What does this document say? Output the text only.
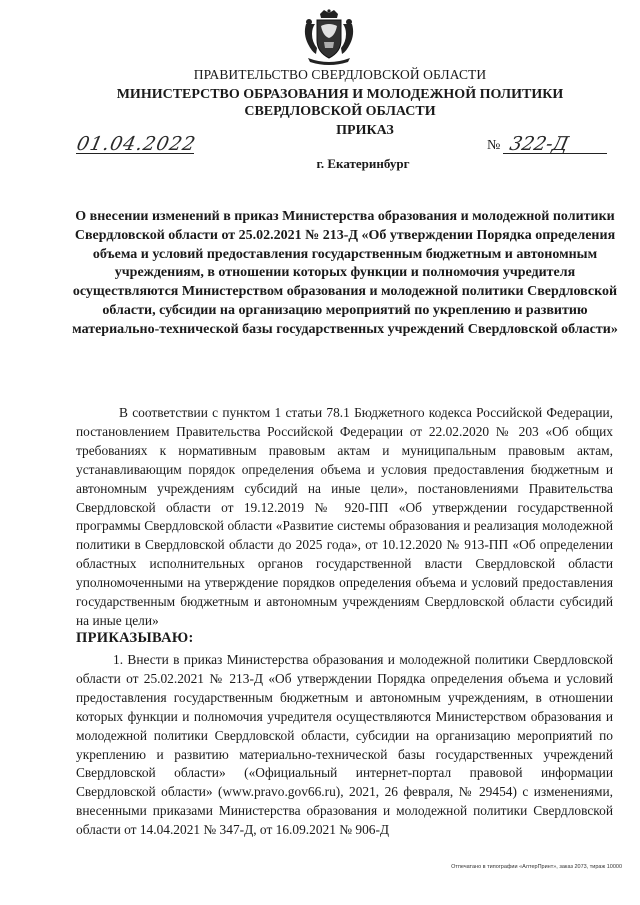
ПРАВИТЕЛЬСТВО СВЕРДЛОВСКОЙ ОБЛАСТИ
МИНИСТЕРСТВО ОБРАЗОВАНИЯ И МОЛОДЕЖНОЙ ПОЛИТИКИ
СВЕРДЛОВСКОЙ ОБЛАСТИ
ПРИКАЗ
01.04.2022	№ 322-Д
г. Екатеринбург
О внесении изменений в приказ Министерства образования и молодежной политики Свердловской области от 25.02.2021 № 213-Д «Об утверждении Порядка определения объема и условий предоставления государственным бюджетным и автономным учреждениям, в отношении которых функции и полномочия учредителя осуществляются Министерством образования и молодежной политики Свердловской области, субсидии на организацию мероприятий по укреплению и развитию материально-технической базы государственных учреждений Свердловской области»
В соответствии с пунктом 1 статьи 78.1 Бюджетного кодекса Российской Федерации, постановлением Правительства Российской Федерации от 22.02.2020 № 203 «Об общих требованиях к нормативным правовым актам и муниципальным правовым актам, устанавливающим порядок определения объема и условия предоставления бюджетным и автономным учреждениям субсидий на иные цели», постановлениями Правительства Свердловской области от 19.12.2019 № 920-ПП «Об утверждении государственной программы Свердловской области «Развитие системы образования и реализация молодежной политики в Свердловской области до 2025 года», от 10.12.2020 № 913-ПП «Об определении областных исполнительных органов государственной власти Свердловской области уполномоченными на утверждение порядков определения объема и условий предоставления государственным бюджетным и автономным учреждениям Свердловской области субсидий на иные цели»
ПРИКАЗЫВАЮ:
1. Внести в приказ Министерства образования и молодежной политики Свердловской области от 25.02.2021 № 213-Д «Об утверждении Порядка определения объема и условий предоставления государственным бюджетным и автономным учреждениям, в отношении которых функции и полномочия учредителя осуществляются Министерством образования и молодежной политики Свердловской области, субсидии на организацию мероприятий по укреплению и развитию материально-технической базы государственных учреждений Свердловской области» («Официальный интернет-портал правовой информации Свердловской области» (www.pravo.gov66.ru), 2021, 26 февраля, № 29454) с изменениями, внесенными приказами Министерства образования и молодежной политики Свердловской области от 14.04.2021 № 347-Д, от 16.09.2021 № 906-Д
Отпечатано в типографии «АлтерПринт», заказ 2073, тираж 10000
